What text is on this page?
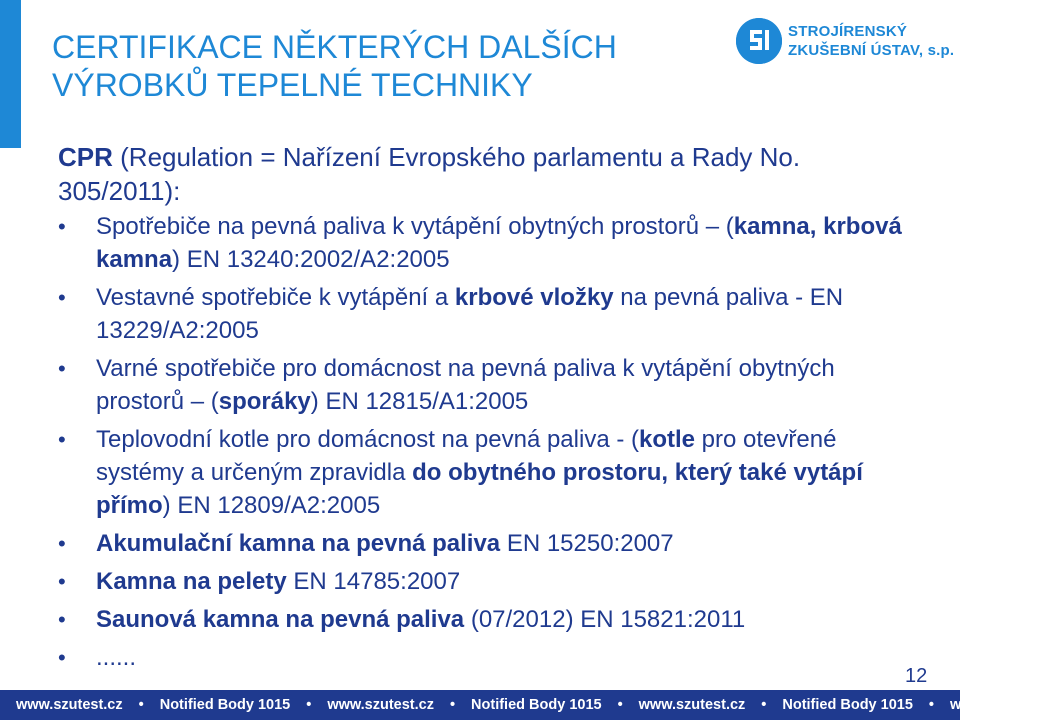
CERTIFIKACE NĚKTERÝCH DALŠÍCH
VÝROBKŮ TEPELNÉ TECHNIKY
STROJÍRENSKÝ
ZKUŠEBNÍ ÚSTAV, s.p.
CPR (Regulation = Nařízení Evropského parlamentu a Rady No. 305/2011):
• Spotřebiče na pevná paliva k vytápění obytných prostorů – (kamna, krbová kamna) EN 13240:2002/A2:2005
• Vestavné spotřebiče k vytápění a krbové vložky na pevná paliva - EN 13229/A2:2005
• Varné spotřebiče pro domácnost na pevná paliva k vytápění obytných prostorů – (sporáky) EN 12815/A1:2005
• Teplovodní kotle pro domácnost na pevná paliva - (kotle pro otevřené systémy a určeným zpravidla do obytného prostoru, který také vytápí přímo) EN 12809/A2:2005
• Akumulační kamna na pevná paliva EN 15250:2007
• Kamna na pelety EN 14785:2007
• Saunová kamna na pevná paliva (07/2012) EN 15821:2011
• ......
12
www.szutest.cz • Notified Body 1015 • www.szutest.cz • Notified Body 1015 • www.szutest.cz • Notified Body 1015 • www.szutest.cz
